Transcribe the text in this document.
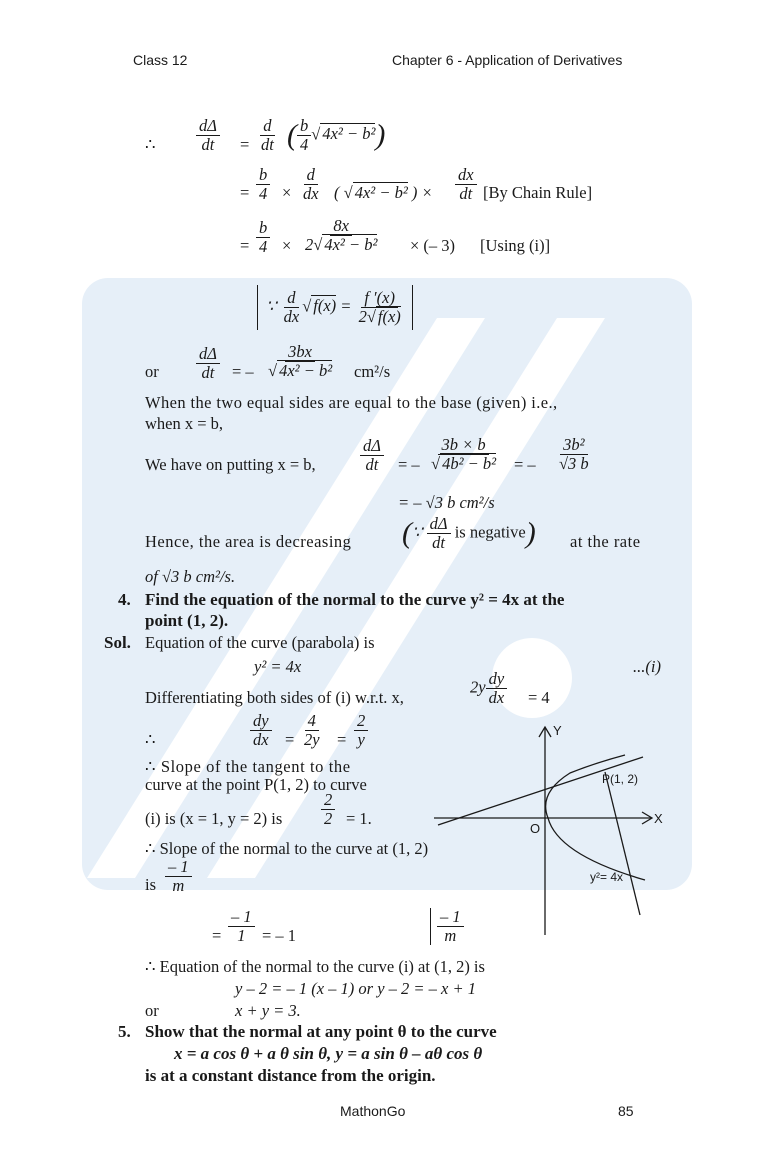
Class 12	Chapter 6 - Application of Derivatives
∴ $\frac{d\Delta}{dt} = \frac{d}{dt}$ ( $\frac{b}{4}$ √ 4x² − b²)
= $\frac{b}{4} \times \frac{d}{dx}$ ( √ 4x² − b² ) × $\frac{dx}{dt} [By$ Chain Rule]
= $\frac{b}{4} \times \frac{8x}{\text{2√ 4x² − b²}}$ × (– 3) [Using (i)]
∵ $\frac{d}{dx}$ √ $f(x) = \frac{f '(x)}{2√ f(x)}$
or $\frac{d\Delta}{dt}$ = – $\frac{3bx}{\text{√ 4x² − b²}} cm^2/s$
When the two equal sides are equal to the base (given) i.e.,
when x = b,
We have on putting x = b,	$\frac{d\Delta}{dt}$ = – $\frac{3b \times b}{\text{√ 4b² − b²}}$ = – $\frac{\text{3b²}}{√3 b}$
= – √3 b cm²/s
Hence, the area is decreasing (∵ $\frac{d\Delta}{dt}$ is negative) at the rate
of √3 b cm²/s.
4. Find the equation of the normal to the curve y² = 4x at the
point (1, 2).
Sol. Equation of the curve (parabola) is
y² = 4x	...(i)
Differentiating both sides of (i) w.r.t. x,
$2y \frac{dy}{dx} = 4$
∴	$\frac{dy}{dx} = \frac{4}{2y} = \frac{2}{y}$
∴ Slope of the tangent to the
curve at the point P(1, 2) to curve
(i) is (x = 1, y = 2) is $\frac{2}{2} = 1$.
∴ Slope of the normal to the curve at (1, 2)
is $\frac{- 1}{m}$
= $\frac{- 1}{1}$ = – 1	$\frac{- 1}{m}$
∴ Equation of the normal to the curve (i) at (1, 2) is
y – 2 = – 1 (x – 1) or y – 2 = – x + 1
or	x + y = 3.
5. Show that the normal at any point θ to the curve
x = a cos θ + a θ sin θ, y = a sin θ – aθ cos θ
is at a constant distance from the origin.
MathonGo	85
Y
X
O
P(1, 2)
y²= 4x
